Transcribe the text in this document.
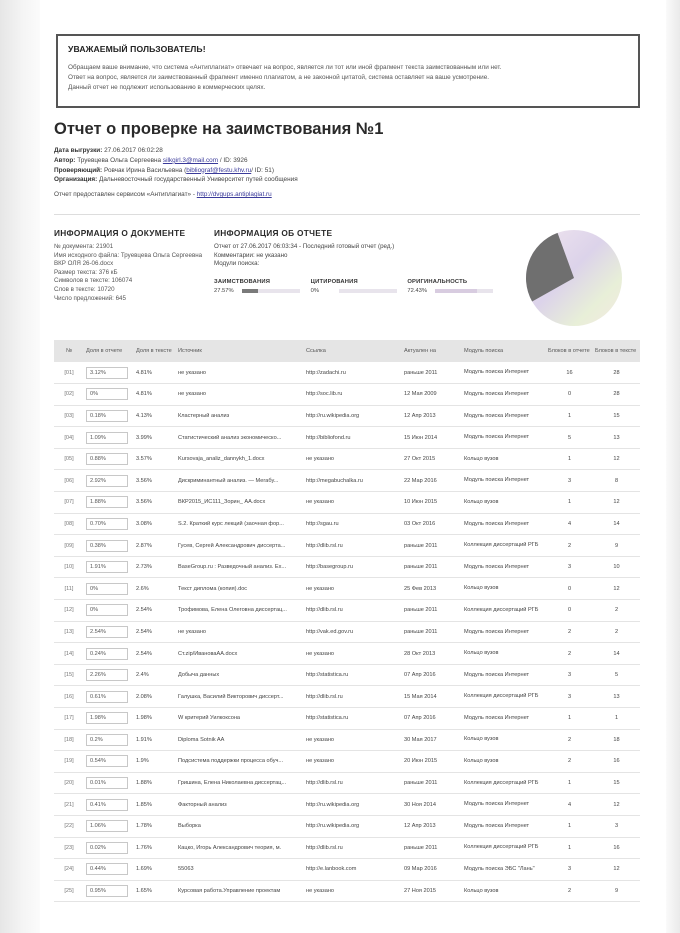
УВАЖАЕМЫЙ ПОЛЬЗОВАТЕЛЬ!

Обращаем ваше внимание, что система «Антиплагиат» отвечает на вопрос, является ли тот или иной фрагмент текста заимствованным или нет.

Ответ на вопрос, является ли заимствованный фрагмент именно плагиатом, а не законной цитатой, система оставляет на ваше усмотрение.

Данный отчет не подлежит использованию в коммерческих целях.

Отчет о проверке на заимствования №1
Дата выгрузки: 27.06.2017 06:02:28
Автор: Труевцева Ольга Сергеевна silkgirl.3@mail.com / ID: 3926
Проверяющий: Ровчак Ирина Васильевна (bibliograf@festu.khv.ru/ ID: 51)
Организация: Дальневосточный государственный Университет путей сообщения
Отчет предоставлен сервисом «Антиплагиат» - http://dvgups.antiplagiat.ru
ИНФОРМАЦИЯ О ДОКУМЕНТЕ
№ документа: 21901
Имя исходного файла: Труевцева Ольга Сергеевна ВКР ОЛЯ 26-06.docx
Размер текста: 376 кБ
Символов в тексте: 106074
Слов в тексте: 10720
Число предложений: 645
ИНФОРМАЦИЯ ОБ ОТЧЕТЕ
Отчет от 27.06.2017 06:03:34 - Последний готовый отчет (ред.)
Комментарии: не указано
Модули поиска:
ЗАИМСТВОВАНИЯ
27.57%
ЦИТИРОВАНИЯ
0%
ОРИГИНАЛЬНОСТЬ
72.43%
№	Доля в отчете	Доля в тексте	Источник	Ссылка	Актуален на	Модуль поиска	Блоков в отчете	Блоков в тексте
[01]	3.12%	4.81%	не указано	http://zadachi.ru	раньше 2011	Модуль поиска Интернет	16	28
[02]	0%	4.81%	не указано	http://soc.lib.ru	12 Мая 2009	Модуль поиска Интернет	0	28
[03]	0.18%	4.13%	Кластерный анализ	http://ru.wikipedia.org	12 Апр 2013	Модуль поиска Интернет	1	15
[04]	1.09%	3.99%	Статистический анализ экономическо...	http://bibliofond.ru	15 Июн 2014	Модуль поиска Интернет	5	13
[05]	0.88%	3.57%	Kursovaja_analiz_dannykh_1.docx	не указано	27 Окт 2015	Кольцо вузов	1	12
[06]	2.92%	3.56%	Дискриминантный анализ. — Мегабу...	http://megabuchalka.ru	22 Мар 2016	Модуль поиска Интернет	3	8
[07]	1.88%	3.56%	ВКР2015_ИС111_Зорин_ АА.docx	не указано	10 Июн 2015	Кольцо вузов	1	12
[08]	0.70%	3.08%	S.2. Краткий курс лекций (заочная фор...	http://sgau.ru	03 Окт 2016	Модуль поиска Интернет	4	14
[09]	0.38%	2.87%	Гусев, Сергей Александрович диссерта...	http://dlib.rsl.ru	раньше 2011	Коллекция диссертаций РГБ	2	9
[10]	1.91%	2.73%	BaseGroup.ru : Разведочный анализ. Ех...	http://basegroup.ru	раньше 2011	Модуль поиска Интернет	3	10
[11]	0%	2.6%	Текст диплома (копия).doc	не указано	25 Фев 2013	Кольцо вузов	0	12
[12]	0%	2.54%	Трофимова, Елена Олеговна диссертац...	http://dlib.rsl.ru	раньше 2011	Коллекция диссертаций РГБ	0	2
[13]	2.54%	2.54%	не указано	http://vak.ed.gov.ru	раньше 2011	Модуль поиска Интернет	2	2
[14]	0.24%	2.54%	Ст.zip/ИвановаАА.docx	не указано	28 Окт 2013	Кольцо вузов	2	14
[15]	2.26%	2.4%	Добыча данных	http://statistica.ru	07 Апр 2016	Модуль поиска Интернет	3	5
[16]	0.61%	2.08%	Галушка, Василий Викторович диссерт...	http://dlib.rsl.ru	15 Мая 2014	Коллекция диссертаций РГБ	3	13
[17]	1.98%	1.98%	W критерий Уилкоксона	http://statistica.ru	07 Апр 2016	Модуль поиска Интернет	1	1
[18]	0.2%	1.91%	Diploma Sotnik AA	не указано	30 Мая 2017	Кольцо вузов	2	18
[19]	0.54%	1.9%	Подсистема поддержки процесса обуч...	не указано	20 Июн 2015	Кольцо вузов	2	16
[20]	0.01%	1.88%	Гришина, Елена Николаевна диссертац...	http://dlib.rsl.ru	раньше 2011	Коллекция диссертаций РГБ	1	15
[21]	0.41%	1.85%	Факторный анализ	http://ru.wikipedia.org	30 Ноя 2014	Модуль поиска Интернет	4	12
[22]	1.06%	1.78%	Выборка	http://ru.wikipedia.org	12 Апр 2013	Модуль поиска Интернет	1	3
[23]	0.02%	1.76%	Кацко, Игорь Александрович теория, м.	http://dlib.rsl.ru	раньше 2011	Коллекция диссертаций РГБ	1	16
[24]	0.44%	1.69%	55063	http://e.lanbook.com	09 Мар 2016	Модуль поиска ЭБС "Лань"	3	12
[25]	0.95%	1.65%	Курсовая работа.Управление проектам	не указано	27 Ноя 2015	Кольцо вузов	2	9
